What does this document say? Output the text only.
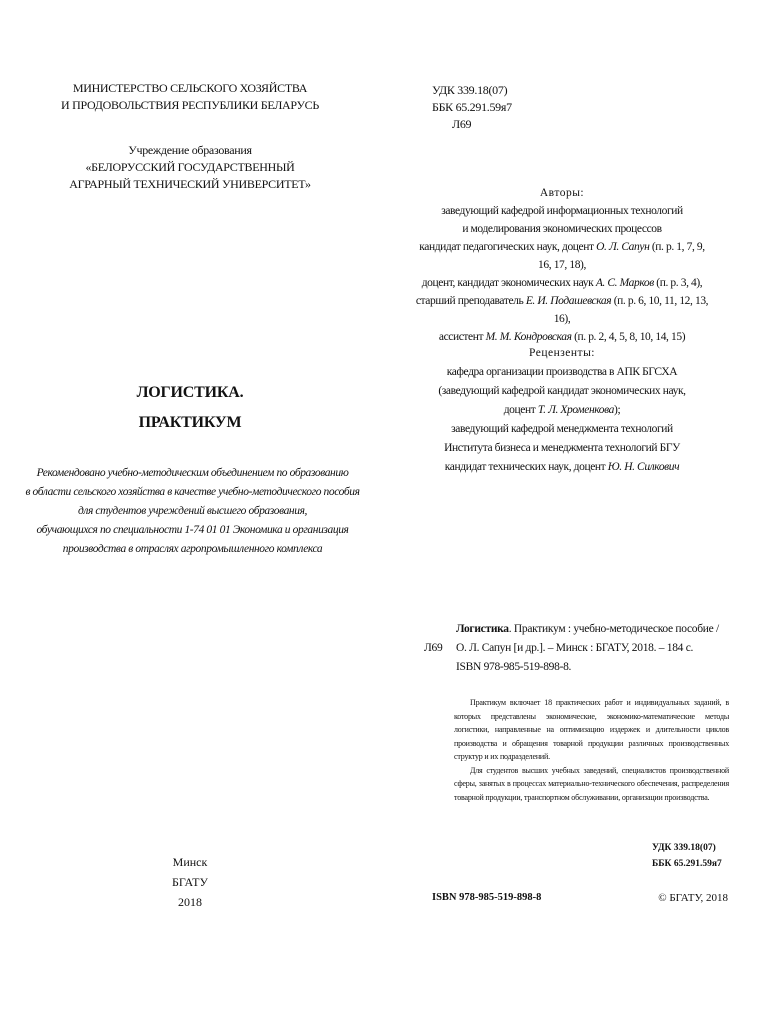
МИНИСТЕРСТВО СЕЛЬСКОГО ХОЗЯЙСТВА
И ПРОДОВОЛЬСТВИЯ РЕСПУБЛИКИ БЕЛАРУСЬ
Учреждение образования
«БЕЛОРУССКИЙ ГОСУДАРСТВЕННЫЙ
АГРАРНЫЙ ТЕХНИЧЕСКИЙ УНИВЕРСИТЕТ»
ЛОГИСТИКА.
ПРАКТИКУМ
Рекомендовано учебно-методическим объединением по образованию
в области сельского хозяйства в качестве учебно-методического пособия
для студентов учреждений высшего образования,
обучающихся по специальности 1-74 01 01 Экономика и организация
производства в отраслях агропромышленного комплекса
Минск
БГАТУ
2018
УДК 339.18(07)
ББК 65.291.59я7
Л69
Авторы:
заведующий кафедрой информационных технологий
и моделирования экономических процессов
кандидат педагогических наук, доцент О. Л. Сапун (п. р. 1, 7, 9, 16, 17, 18),
доцент, кандидат экономических наук А. С. Марков (п. р. 3, 4),
старший преподаватель Е. И. Подашевская (п. р. 6, 10, 11, 12, 13, 16),
ассистент М. М. Кондровская (п. р. 2, 4, 5, 8, 10, 14, 15)
Рецензенты:
кафедра организации производства в АПК БГСХА
(заведующий кафедрой кандидат экономических наук,
доцент Т. Л. Хроменкова);
заведующий кафедрой менеджмента технологий
Института бизнеса и менеджмента технологий БГУ
кандидат технических наук, доцент Ю. Н. Силкович
Логистика. Практикум : учебно-методическое пособие /
Л69	О. Л. Сапун [и др.]. – Минск : БГАТУ, 2018. – 184 с.
ISBN 978-985-519-898-8.

Практикум включает 18 практических работ и индивидуальных заданий, в которых представлены экономические, экономико-математические методы логистики, направленные на оптимизацию издержек и длительности циклов производства и обращения товарной продукции различных производственных структур и их подразделений.

Для студентов высших учебных заведений, специалистов производственной сферы, занятых в процессах материально-технического обеспечения, распределения товарной продукции, транспортном обслуживании, организации производства.

УДК 339.18(07)
ББК 65.291.59я7
ISBN 978-985-519-898-8	© БГАТУ, 2018
